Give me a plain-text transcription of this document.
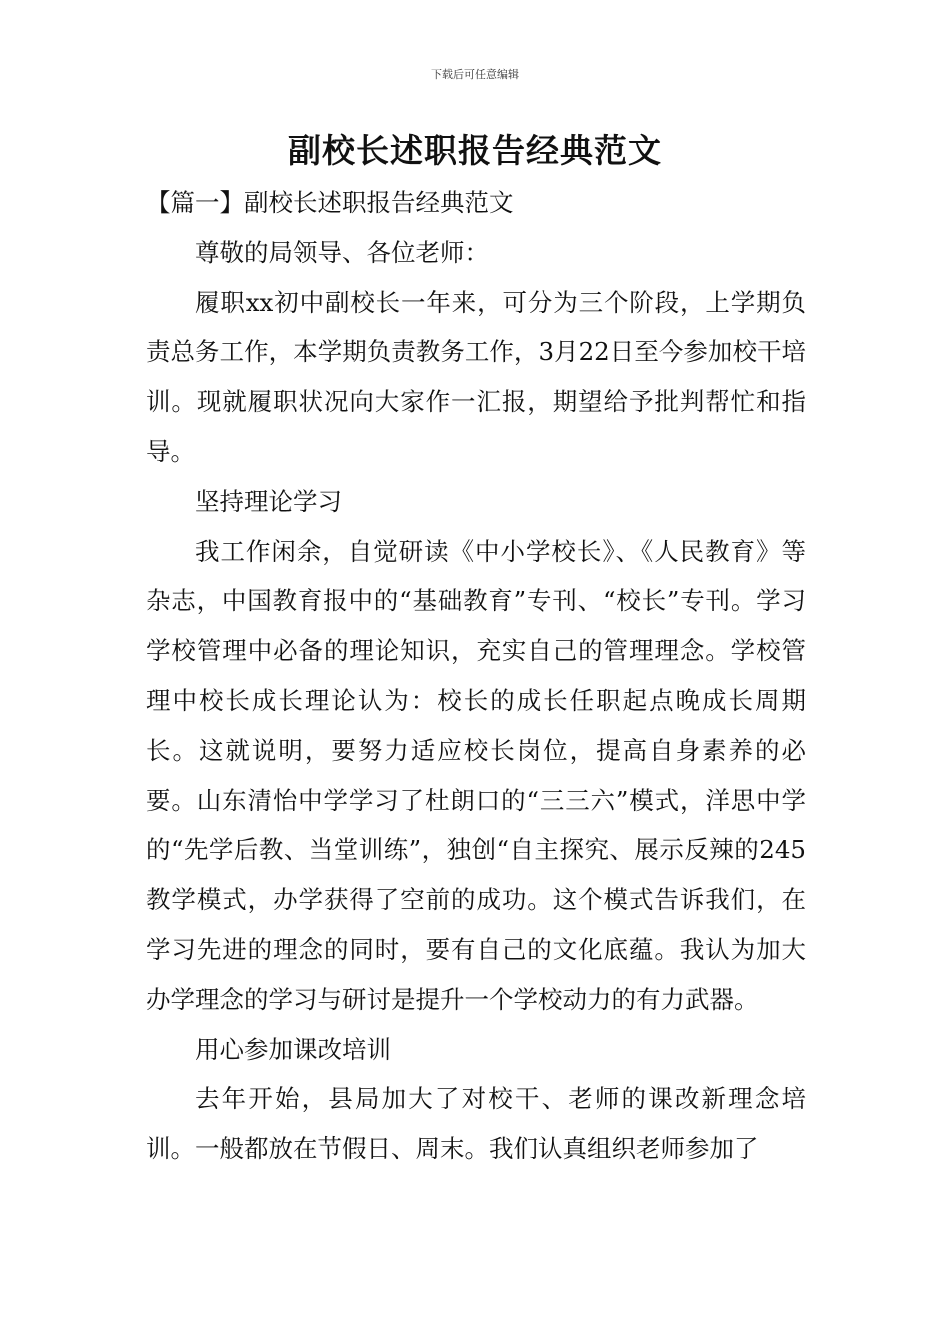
下载后可任意编辑
副校长述职报告经典范文

【篇一】副校长述职报告经典范文

尊敬的局领导、各位老师：

履职xx初中副校长一年来，可分为三个阶段，上学期负责总务工作，本学期负责教务工作，3月22日至今参加校干培训。现就履职状况向大家作一汇报，期望给予批判帮忙和指导。

坚持理论学习

我工作闲余，自觉研读《中小学校长》、《人民教育》等杂志，中国教育报中的“基础教育”专刊、“校长”专刊。学习学校管理中必备的理论知识，充实自己的管理理念。学校管理中校长成长理论认为：校长的成长任职起点晚成长周期长。这就说明，要努力适应校长岗位，提高自身素养的必要。山东清怡中学学习了杜朗口的“三三六”模式，洋思中学的“先学后教、当堂训练”，独创“自主探究、展示反辣的245教学模式，办学获得了空前的成功。这个模式告诉我们，在学习先进的理念的同时，要有自己的文化底蕴。我认为加大办学理念的学习与研讨是提升一个学校动力的有力武器。

用心参加课改培训

去年开始，县局加大了对校干、老师的课改新理念培训。一般都放在节假日、周末。我们认真组织老师参加了
